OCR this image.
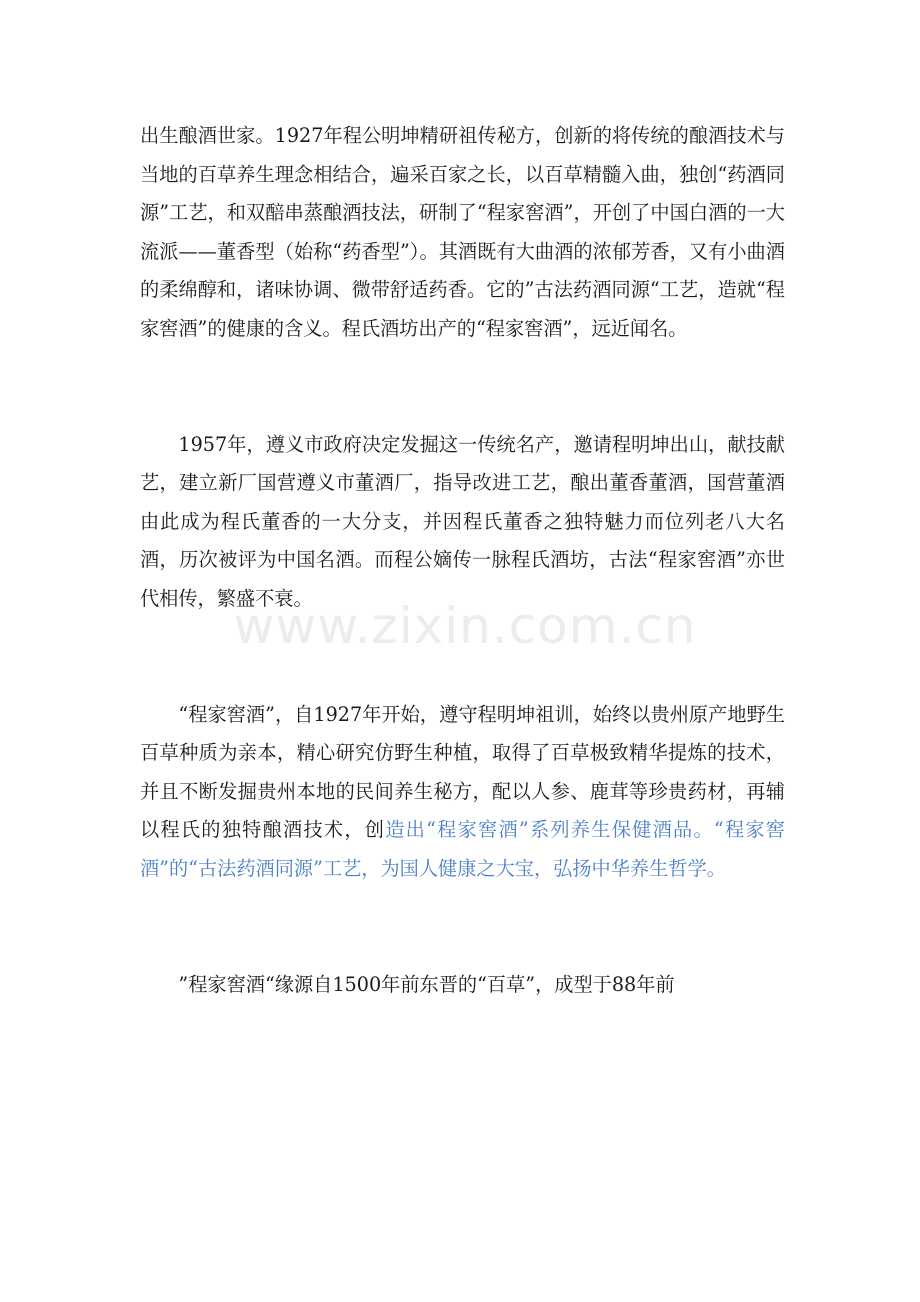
www.zixin.com.cn

出生酿酒世家。1927年程公明坤精研祖传秘方，创新的将传统的酿酒技术与当地的百草养生理念相结合，遍采百家之长，以百草精髓入曲，独创“药酒同源”工艺，和双醅串蒸酿酒技法，研制了“程家窖酒”，开创了中国白酒的一大流派——董香型（始称“药香型”）。其酒既有大曲酒的浓郁芳香，又有小曲酒的柔绵醇和，诸味协调、微带舒适药香。它的”古法药酒同源“工艺，造就“程家窖酒”的健康的含义。程氏酒坊出产的“程家窖酒”，远近闻名。

1957年，遵义市政府决定发掘这一传统名产，邀请程明坤出山，献技献艺，建立新厂国营遵义市董酒厂，指导改进工艺，酿出董香董酒，国营董酒由此成为程氏董香的一大分支，并因程氏董香之独特魅力而位列老八大名酒，历次被评为中国名酒。而程公嫡传一脉程氏酒坊，古法“程家窖酒”亦世代相传，繁盛不衰。

“程家窖酒”，自1927年开始，遵守程明坤祖训，始终以贵州原产地野生百草种质为亲本，精心研究仿野生种植，取得了百草极致精华提炼的技术，并且不断发掘贵州本地的民间养生秘方，配以人参、鹿茸等珍贵药材，再辅以程氏的独特酿酒技术，创造出“程家窖酒”系列养生保健酒品。“程家窖酒”的“古法药酒同源”工艺，为国人健康之大宝，弘扬中华养生哲学。

”程家窖酒“缘源自1500年前东晋的“百草”，成型于88年前
